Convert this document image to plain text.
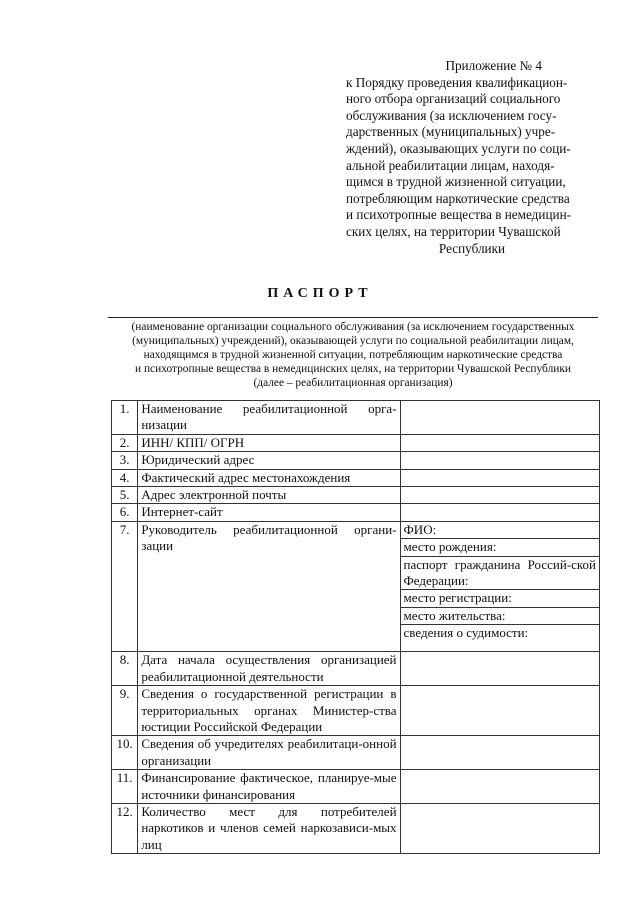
Приложение № 4
к Порядку проведения квалификацион-
ного отбора организаций социального
обслуживания (за исключением госу-
дарственных (муниципальных) учре-
ждений), оказывающих услуги по соци-
альной реабилитации лицам, находя-
щимся в трудной жизненной ситуации,
потребляющим наркотические средства
и психотропные вещества в немедицин-
ских целях, на территории Чувашской
Республики
ПАСПОРТ
(наименование организации социального обслуживания (за исключением государственных
(муниципальных) учреждений), оказывающей услуги по социальной реабилитации лицам,
находящимся в трудной жизненной ситуации, потребляющим наркотические средства
и психотропные вещества в немедицинских целях, на территории Чувашской Республики
(далее – реабилитационная организация)
1.	Наименование реабилитационной орга-низации	
2.	ИНН/ КПП/ ОГРН	
3.	Юридический адрес	
4.	Фактический адрес местонахождения	
5.	Адрес электронной почты	
6.	Интернет-сайт	
7.	Руководитель реабилитационной органи-зации	ФИО:
		место рождения:
		паспорт гражданина Россий-ской Федерации:
		место регистрации:
		место жительства:
		сведения о судимости:
8.	Дата начала осуществления организацией реабилитационной деятельности	
9.	Сведения о государственной регистрации в территориальных органах Министер-ства юстиции Российской Федерации	
10.	Сведения об учредителях реабилитаци-онной организации	
11.	Финансирование фактическое, планируе-мые источники финансирования	
12.	Количество мест для потребителей наркотиков и членов семей наркозависи-мых лиц	
